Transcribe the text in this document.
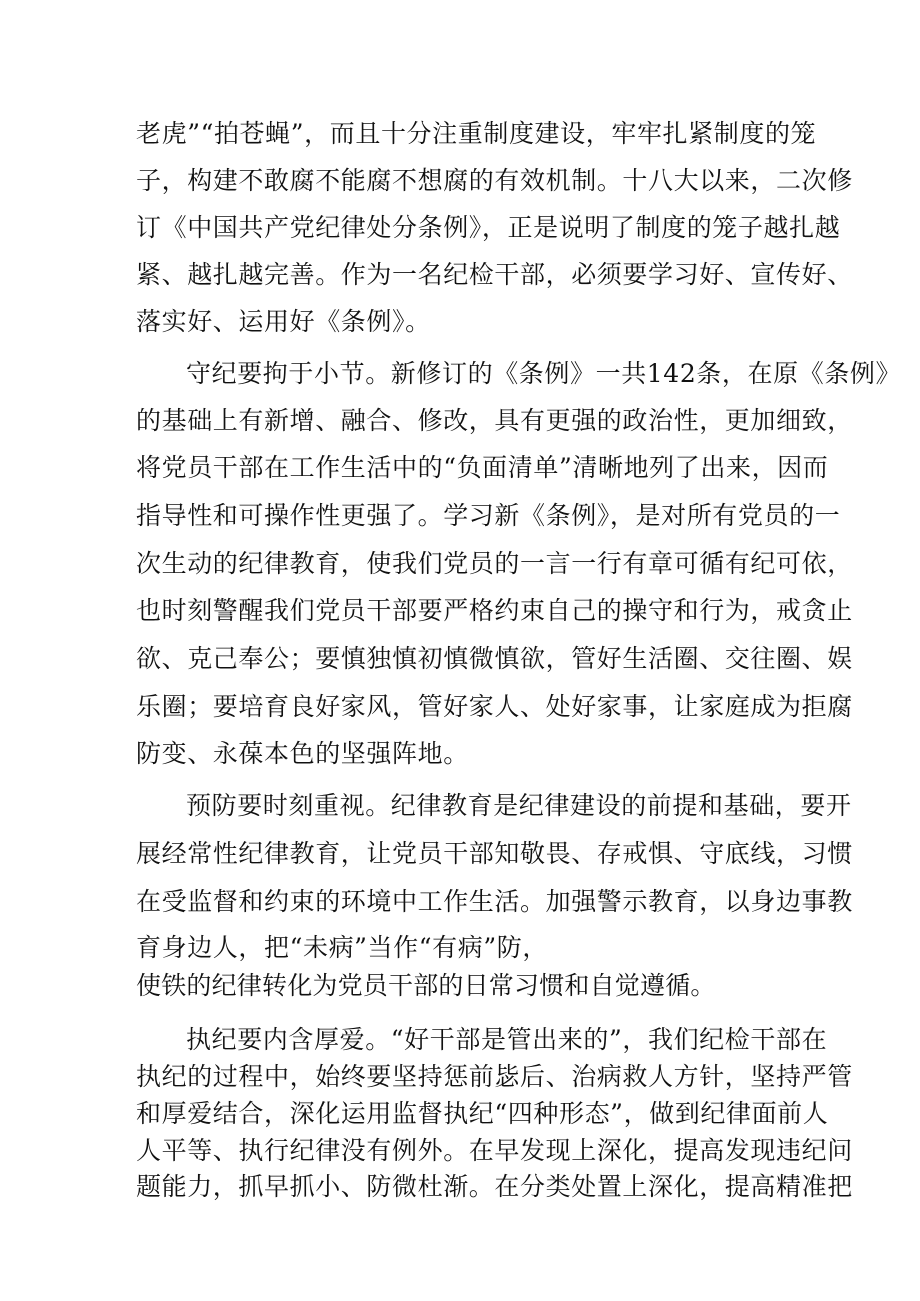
老虎”“拍苍蝇”，而且十分注重制度建设，牢牢扎紧制度的笼
子，构建不敢腐不能腐不想腐的有效机制。十八大以来，二次修
订《中国共产党纪律处分条例》，正是说明了制度的笼子越扎越
紧、越扎越完善。作为一名纪检干部，必须要学习好、宣传好、
落实好、运用好《条例》。
守纪要拘于小节。新修订的《条例》一共142条，在原《条例》
的基础上有新增、融合、修改，具有更强的政治性，更加细致，
将党员干部在工作生活中的“负面清单”清晰地列了出来，因而
指导性和可操作性更强了。学习新《条例》，是对所有党员的一
次生动的纪律教育，使我们党员的一言一行有章可循有纪可依，
也时刻警醒我们党员干部要严格约束自己的操守和行为，戒贪止
欲、克己奉公；要慎独慎初慎微慎欲，管好生活圈、交往圈、娱
乐圈；要培育良好家风，管好家人、处好家事，让家庭成为拒腐
防变、永葆本色的坚强阵地。
预防要时刻重视。纪律教育是纪律建设的前提和基础，要开
展经常性纪律教育，让党员干部知敬畏、存戒惧、守底线，习惯
在受监督和约束的环境中工作生活。加强警示教育，以身边事教
育身边人，把“未病”当作“有病”防，
使铁的纪律转化为党员干部的日常习惯和自觉遵循。
执纪要内含厚爱。“好干部是管出来的”，我们纪检干部在
执纪的过程中，始终要坚持惩前毖后、治病救人方针，坚持严管
和厚爱结合，深化运用监督执纪“四种形态”，做到纪律面前人
人平等、执行纪律没有例外。在早发现上深化，提高发现违纪问
题能力，抓早抓小、防微杜渐。在分类处置上深化，提高精准把
